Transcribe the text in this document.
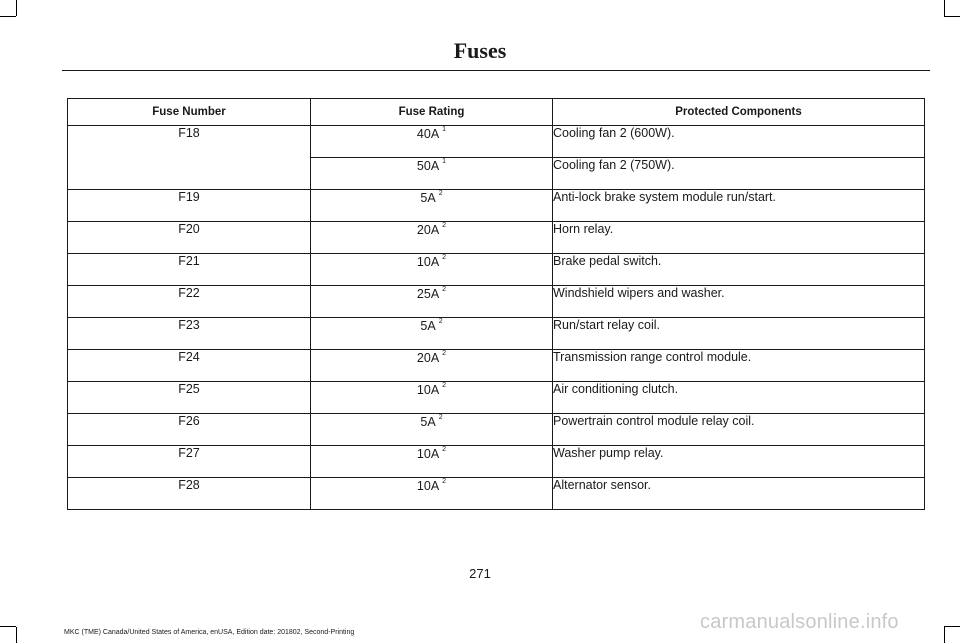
Fuses
Fuse Number	Fuse Rating	Protected Components
F18	40A $^1$	Cooling fan 2 (600W).
	50A $^1$	Cooling fan 2 (750W).
F19	5A $^2$	Anti-lock brake system module run/start.
F20	20A $^2$	Horn relay.
F21	10A $^2$	Brake pedal switch.
F22	25A $^2$	Windshield wipers and washer.
F23	5A $^2$	Run/start relay coil.
F24	20A $^2$	Transmission range control module.
F25	10A $^2$	Air conditioning clutch.
F26	5A $^2$	Powertrain control module relay coil.
F27	10A $^2$	Washer pump relay.
F28	10A $^2$	Alternator sensor.
271
MKC (TME) Canada/United States of America, enUSA, Edition date: 201802, Second-Printing	carmanualsonline.info
